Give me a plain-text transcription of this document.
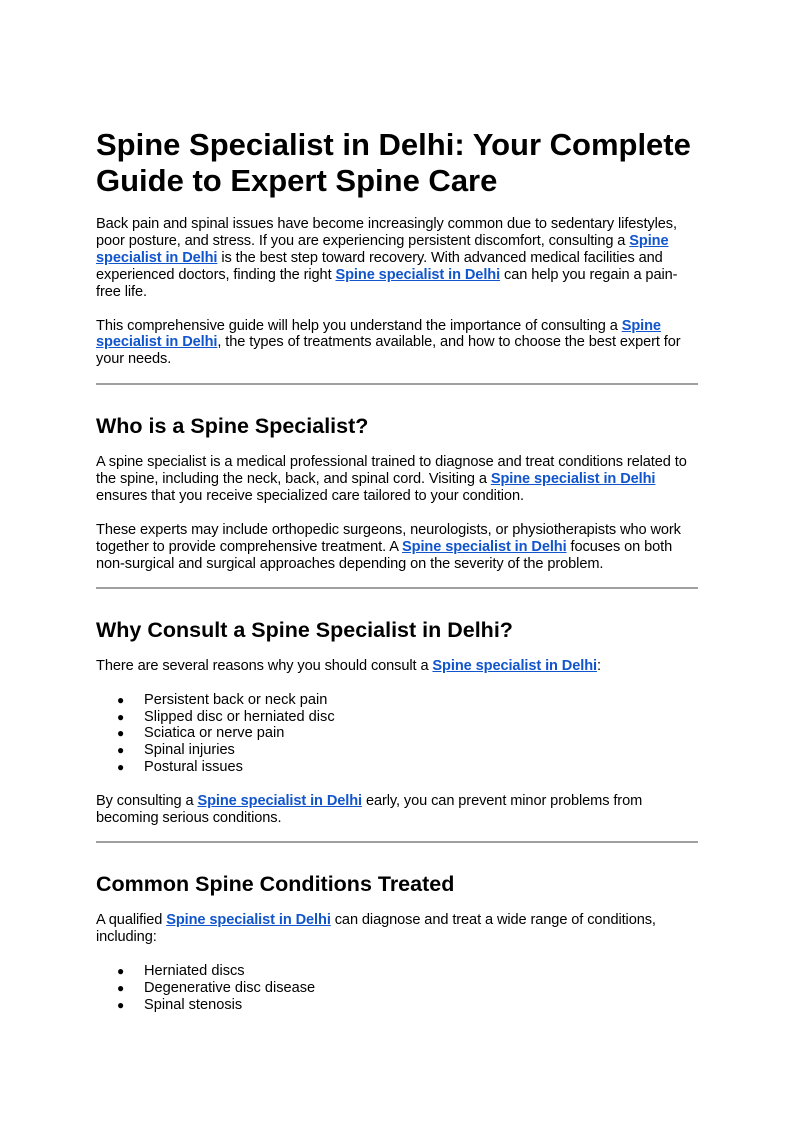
Spine Specialist in Delhi: Your Complete
Guide to Expert Spine Care

Back pain and spinal issues have become increasingly common due to sedentary lifestyles, poor posture, and stress. If you are experiencing persistent discomfort, consulting a Spine specialist in Delhi is the best step toward recovery. With advanced medical facilities and experienced doctors, finding the right Spine specialist in Delhi can help you regain a pain-free life.

This comprehensive guide will help you understand the importance of consulting a Spine specialist in Delhi, the types of treatments available, and how to choose the best expert for your needs.

Who is a Spine Specialist?

A spine specialist is a medical professional trained to diagnose and treat conditions related to the spine, including the neck, back, and spinal cord. Visiting a Spine specialist in Delhi ensures that you receive specialized care tailored to your condition.

These experts may include orthopedic surgeons, neurologists, or physiotherapists who work together to provide comprehensive treatment. A Spine specialist in Delhi focuses on both non-surgical and surgical approaches depending on the severity of the problem.

Why Consult a Spine Specialist in Delhi?

There are several reasons why you should consult a Spine specialist in Delhi:

● Persistent back or neck pain
● Slipped disc or herniated disc
● Sciatica or nerve pain
● Spinal injuries
● Postural issues

By consulting a Spine specialist in Delhi early, you can prevent minor problems from becoming serious conditions.

Common Spine Conditions Treated

A qualified Spine specialist in Delhi can diagnose and treat a wide range of conditions, including:

● Herniated discs
● Degenerative disc disease
● Spinal stenosis
